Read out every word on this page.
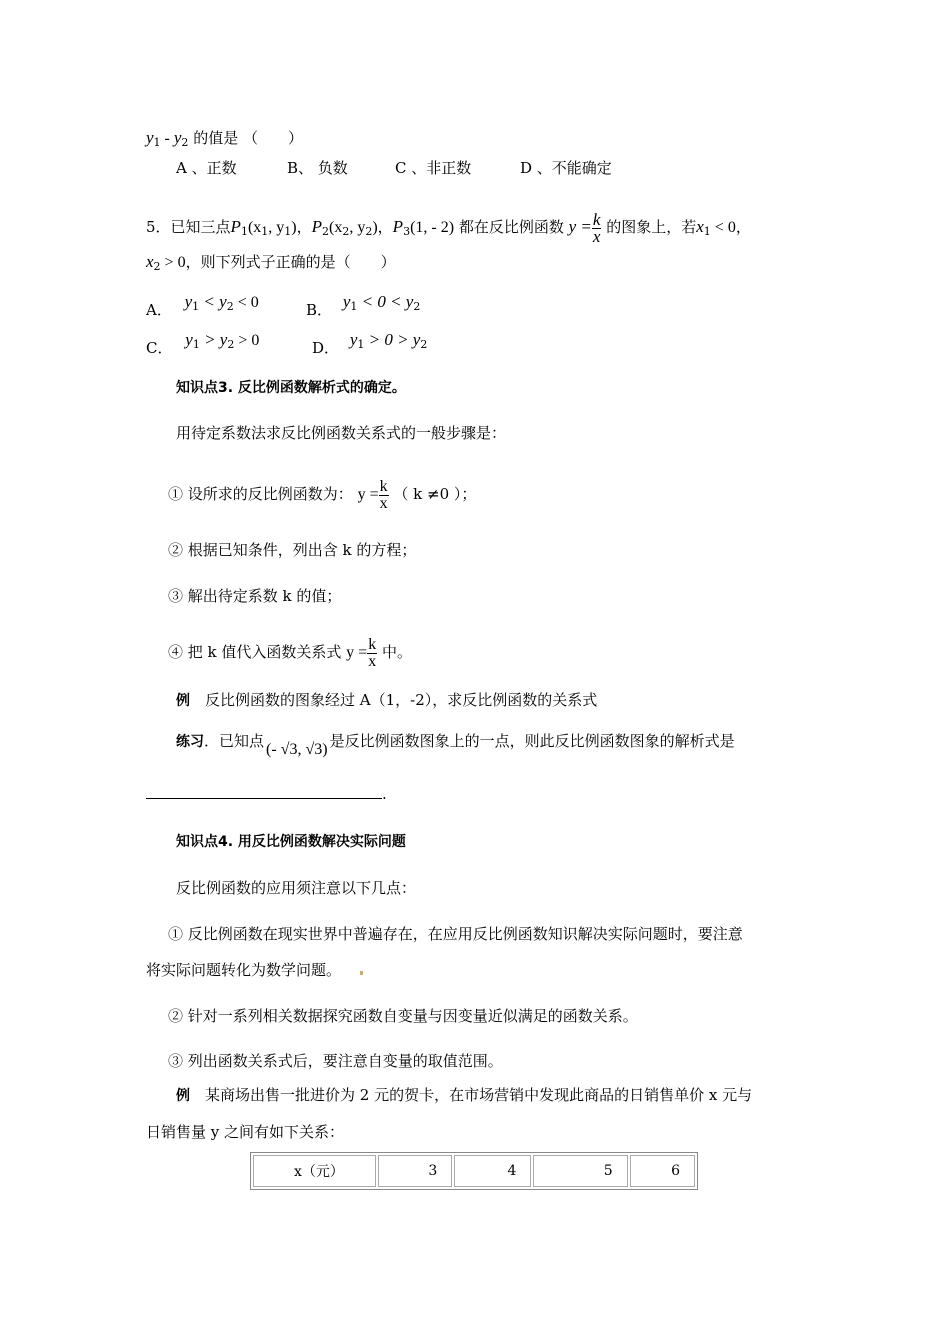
$y_1 - y_2$ 的值是 （　　）
A 、正数	B、 负数	C 、非正数	D 、不能确定
5．已知三点$P_1(x_1$, $y_1$)，$P_2(x_2$, $y_2$)，$P_3(1$, - 2) 都在反比例函数 $y = \frac{k}{x}$ 的图象上，若$x_1 < 0$，
$x_2 > 0$，则下列式子正确的是（　　）
A． $y_1 < y_2 < 0$	B． $y_1 < 0 < y_2$
C． $y_1 > y_2 > 0$	D． $y_1 > 0 > y_2$
知识点3. 反比例函数解析式的确定。
用待定系数法求反比例函数关系式的一般步骤是：
① 设所求的反比例函数为： $y = \frac{k}{x}$ （ k ≠0 ）；
② 根据已知条件，列出含 k 的方程；
③ 解出待定系数 k 的值；
④ 把 k 值代入函数关系式 $y = \frac{k}{x}$ 中。
例　反比例函数的图象经过 A（1，-2），求反比例函数的关系式
练习．已知点 (- √3, √3) 是反比例函数图象上的一点，则此反比例函数图象的解析式是
.
知识点4. 用反比例函数解决实际问题
反比例函数的应用须注意以下几点：
① 反比例函数在现实世界中普遍存在，在应用反比例函数知识解决实际问题时，要注意
将实际问题转化为数学问题。
② 针对一系列相关数据探究函数自变量与因变量近似满足的函数关系。
③ 列出函数关系式后，要注意自变量的取值范围。
例　某商场出售一批进价为 2 元的贺卡，在市场营销中发现此商品的日销售单价 x 元与
日销售量 y 之间有如下关系：
x（元）	3	4	5	6
